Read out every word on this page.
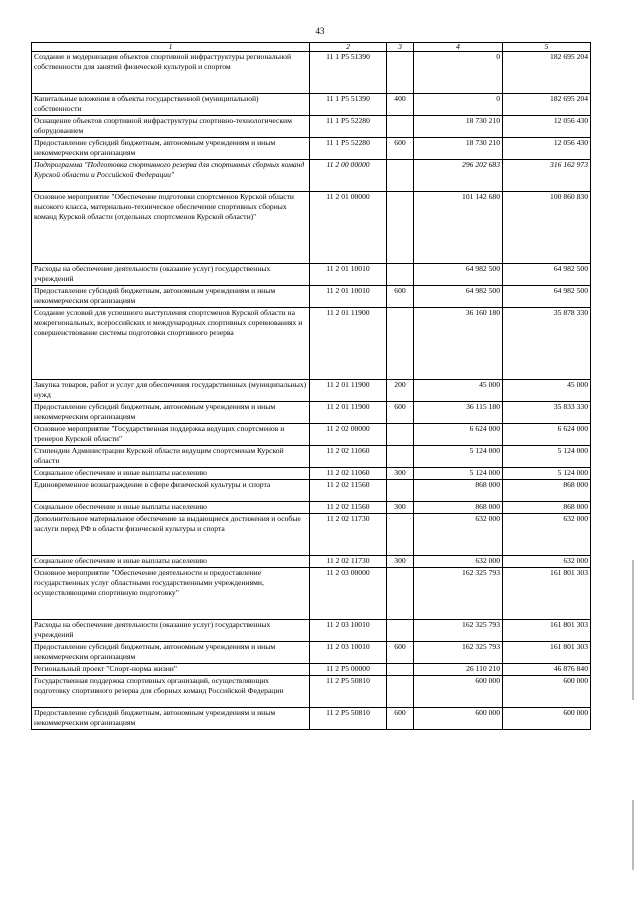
43
1	2	3	4	5
Создание и модернизация объектов спортивной инфраструктуры региональной собственности для занятий физической культурой и спортом	11 1 P5 51390		0	182 695 204
Капитальные вложения в объекты государственной (муниципальной) собственности	11 1 P5 51390	400	0	182 695 204
Оснащение объектов спортивной инфраструктуры спортивно-технологическим оборудованием	11 1 P5 52280		18 730 210	12 056 430
Предоставление субсидий бюджетным, автономным учреждениям и иным некоммерческим организациям	11 1 P5 52280	600	18 730 210	12 056 430
Подпрограмма "Подготовка спортивного резерва для спортивных сборных команд Курской области и Российской Федерации"	11 2 00 00000		296 202 683	316 162 973
Основное мероприятие "Обеспечение подготовки спортсменов Курской области высокого класса, материально-техническое обеспечение спортивных сборных команд Курской области (отдельных спортсменов Курской области)"	11 2 01 00000		101 142 680	100 860 830
Расходы на обеспечение деятельности (оказание услуг) государственных учреждений	11 2 01 10010		64 982 500	64 982 500
Предоставление субсидий бюджетным, автономным учреждениям и иным некоммерческим организациям	11 2 01 10010	600	64 982 500	64 982 500
Создание условий для успешного выступления спортсменов Курской области на межрегиональных, всероссийских и международных спортивных соревнованиях и совершенствование системы подготовки спортивного резерва	11 2 01 11900		36 160 180	35 878 330
Закупка товаров, работ и услуг для обеспечения государственных (муниципальных) нужд	11 2 01 11900	200	45 000	45 000
Предоставление субсидий бюджетным, автономным учреждениям и иным некоммерческим организациям	11 2 01 11900	600	36 115 180	35 833 330
Основное мероприятие "Государственная поддержка ведущих спортсменов и тренеров Курской области"	11 2 02 00000		6 624 000	6 624 000
Стипендии Администрации Курской области ведущим спортсменам Курской области	11 2 02 11060		5 124 000	5 124 000
Социальное обеспечение и иные выплаты населению	11 2 02 11060	300	5 124 000	5 124 000
Единовременное вознаграждение в сфере физической культуры и спорта	11 2 02 11560		868 000	868 000
Социальное обеспечение и иные выплаты населению	11 2 02 11560	300	868 000	868 000
Дополнительное материальное обеспечение за выдающиеся достижения и особые заслуги перед РФ в области физической культуры и спорта	11 2 02 11730		632 000	632 000
Социальное обеспечение и иные выплаты населению	11 2 02 11730	300	632 000	632 000
Основное мероприятие "Обеспечение деятельности и предоставление государственных услуг областными государственными учреждениями, осуществляющими спортивную подготовку"	11 2 03 00000		162 325 793	161 801 303
Расходы на обеспечение деятельности (оказание услуг) государственных учреждений	11 2 03 10010		162 325 793	161 801 303
Предоставление субсидий бюджетным, автономным учреждениям и иным некоммерческим организациям	11 2 03 10010	600	162 325 793	161 801 303
Региональный проект "Спорт-норма жизни"	11 2 P5 00000		26 110 210	46 876 840
Государственная поддержка спортивных организаций, осуществляющих подготовку спортивного резерва для сборных команд Российской Федерации	11 2 P5 50810		600 000	600 000
Предоставление субсидий бюджетным, автономным учреждениям и иным некоммерческим организациям	11 2 P5 50810	600	600 000	600 000
